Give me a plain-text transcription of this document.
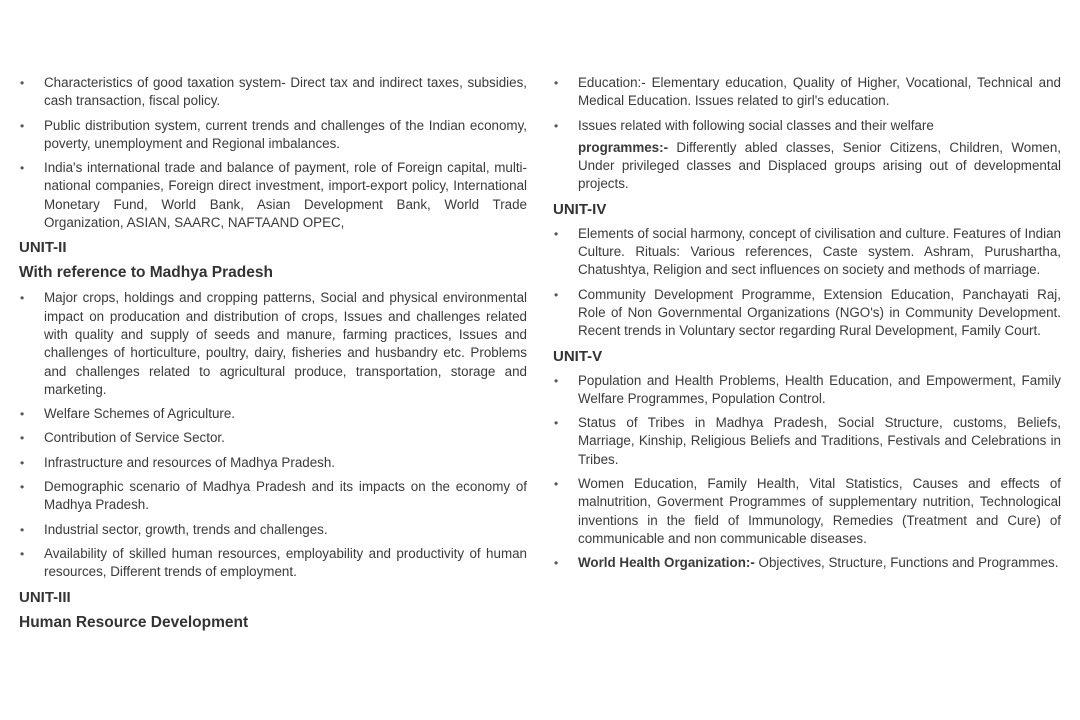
• Characteristics of good taxation system- Direct tax and indirect taxes, subsidies, cash transaction, fiscal policy.
• Public distribution system, current trends and challenges of the Indian economy, poverty, unemployment and Regional imbalances.
• India's international trade and balance of payment, role of Foreign capital, multi-national companies, Foreign direct investment, import-export policy, International Monetary Fund, World Bank, Asian Development Bank, World Trade Organization, ASIAN, SAARC, NAFTAAND OPEC,
UNIT-II
With reference to Madhya Pradesh
• Major crops, holdings and cropping patterns, Social and physical environmental impact on producation and distribution of crops, Issues and challenges related with quality and supply of seeds and manure, farming practices, Issues and challenges of horticulture, poultry, dairy, fisheries and husbandry etc. Problems and challenges related to agricultural produce, transportation, storage and marketing.
• Welfare Schemes of Agriculture.
• Contribution of Service Sector.
• Infrastructure and resources of Madhya Pradesh.
• Demographic scenario of Madhya Pradesh and its impacts on the economy of Madhya Pradesh.
• Industrial sector, growth, trends and challenges.
• Availability of skilled human resources, employability and productivity of human resources, Different trends of employment.
UNIT-III
Human Resource Development
• Education:- Elementary education, Quality of Higher, Vocational, Technical and Medical Education. Issues related to girl's education.
• Issues related with following social classes and their welfare
programmes:- Differently abled classes, Senior Citizens, Children, Women, Under privileged classes and Displaced groups arising out of developmental projects.
UNIT-IV
• Elements of social harmony, concept of civilisation and culture. Features of Indian Culture. Rituals: Various references, Caste system. Ashram, Purushartha, Chatushtya, Religion and sect influences on society and methods of marriage.
• Community Development Programme, Extension Education, Panchayati Raj, Role of Non Governmental Organizations (NGO's) in Community Development. Recent trends in Voluntary sector regarding Rural Development, Family Court.
UNIT-V
• Population and Health Problems, Health Education, and Empowerment, Family Welfare Programmes, Population Control.
• Status of Tribes in Madhya Pradesh, Social Structure, customs, Beliefs, Marriage, Kinship, Religious Beliefs and Traditions, Festivals and Celebrations in Tribes.
• Women Education, Family Health, Vital Statistics, Causes and effects of malnutrition, Goverment Programmes of supplementary nutrition, Technological inventions in the field of Immunology, Remedies (Treatment and Cure) of communicable and non communicable diseases.
• World Health Organization:- Objectives, Structure, Functions and Programmes.
